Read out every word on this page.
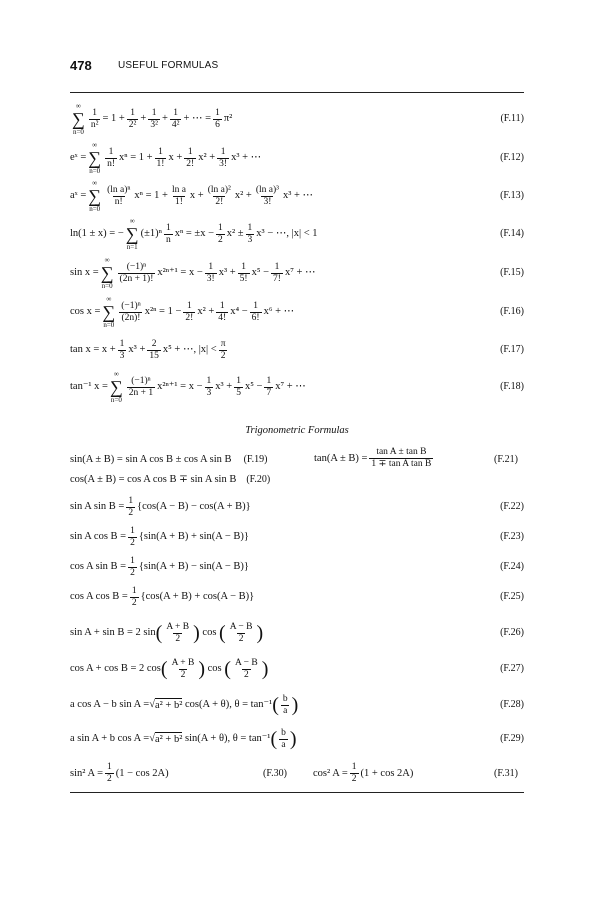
478	USEFUL FORMULAS
∞
∑
n=0
$\frac{1}{\text{n²}} = 1 + \frac{1}{\text{2²}} + \frac{1}{\text{3²}} + \frac{1}{\text{4²}}$ + ⋯ = $\frac{1}{6} \pi^2$	(F.11)
eˣ =
∞
∑
n=0
$\frac{1}{n!}$ $x^n = 1 + \frac{1}{1!}$ $x + \frac{1}{2!} x^2 + \frac{1}{3!} x^3$ + ⋯	(F.12)
aˣ =
∞
∑
n=0
$\frac{\text{(ln a)ⁿ}}{n!}$ $x^n = 1 + \frac{\text{ln a}}{1!}$ $x + \frac{\text{(ln a)²}}{2!} x^2 + \frac{\text{(ln a)³}}{3!} x^3$ + ⋯	(F.13)
ln(1 ± x) = −
∞
∑
n=1
$(\pm 1)^n \frac{1}{n}$ $x^n = \pm x - \frac{1}{2} x^2 \pm \frac{1}{3} x^3$ − ⋯, |x| < 1	(F.14)
sin x =
∞
∑
n=0
$\frac{\text{(−1)ⁿ}}{(2n + 1)!} x^{2n+1} = x - \frac{1}{3!} x^3 + \frac{1}{5!} x^5 - \frac{1}{7!} x^7$ + ⋯	(F.15)
cos x =
∞
∑
n=0
$\frac{\text{(−1)ⁿ}}{(2n)!} x^{2n} = 1 - \frac{1}{2!} x^2 + \frac{1}{4!} x^4 - \frac{1}{6!} x^6$ + ⋯	(F.16)
$\tan x = x + \frac{1}{3} x^3 + \frac{2}{15} x^5$ + ⋯, $|x| < \frac{\pi}{2}$	(F.17)
tan⁻¹ x =
∞
∑
n=0
$\frac{\text{(−1)ⁿ}}{2n + 1} x^{2n+1} = x - \frac{1}{3} x^3 + \frac{1}{5} x^5 - \frac{1}{7} x^7$ + ⋯	(F.18)
Trigonometric Formulas
sin(A ± B) = sin A cos B ± cos A sin B (F.19)	$\tan(A \pm B) = \frac{\text{tan A ± tan B}}{\text{1 ∓ tan A tan B}}$	(F.21)
cos(A ± B) = cos A cos B ∓ sin A sin B (F.20)
sin A $\sin B = \frac{1}{2} \{\cos(A - B) - \cos(A + B)\}$	(F.22)
sin A $\cos B = \frac{1}{2} \{\sin(A + B) + \sin(A - B)\}$	(F.23)
cos A $\sin B = \frac{1}{2} \{\sin(A + B) - \sin(A - B)\}$	(F.24)
cos A $\cos B = \frac{1}{2} \{\cos(A + B) + \cos(A - B)\}$	(F.25)
sin A + sin B = 2 sin ( $\frac{A + B}{2}$ )
cos
( $\frac{A - B}{2}$ )	(F.26)
cos A + cos B = 2 cos ( $\frac{A + B}{2}$ )
cos
( $\frac{A - B}{2}$ )	(F.27)
a cos A − b sin A = √ a² + b²
cos(A + θ), θ = tan⁻¹ ( $\frac{b}{a}$ )	(F.28)
a sin A + b cos A = √ a² + b²
sin(A + θ), θ = tan⁻¹ ( $\frac{b}{a}$ )	(F.29)
sin² $A = \frac{1}{2} (1 - \cos 2A)$	(F.30) cos² $A = \frac{1}{2} (1 + \cos 2A)$	(F.31)
